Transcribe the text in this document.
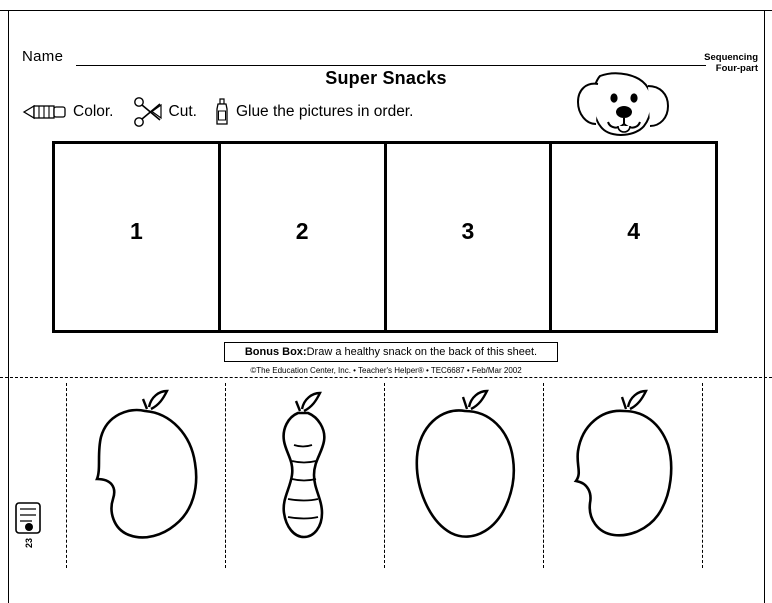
Name	Sequencing
Four-part
Super Snacks
Color.	Cut.	Glue the pictures in order.
1	2	3	4
Bonus Box: Draw a healthy snack on the back of this sheet.
©The Education Center, Inc. • Teacher's Helper® • TEC6687 • Feb/Mar 2002
23
